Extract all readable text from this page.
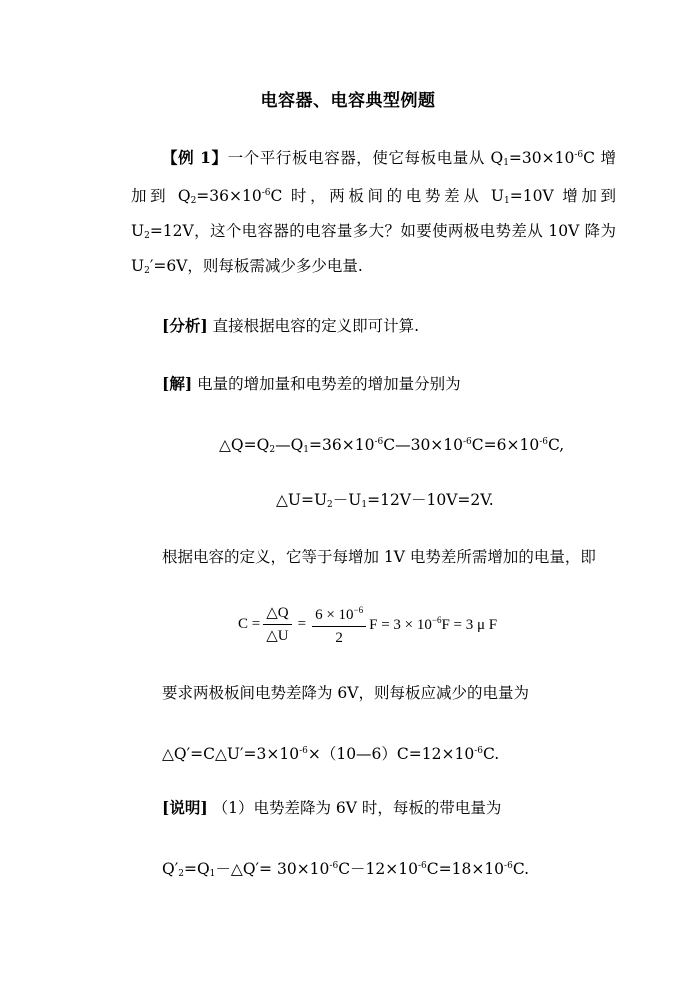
电容器、电容典型例题
【例 1】一个平行板电容器，使它每板电量从 $Q_1=30\times 10^{-6}C$ 增加到 $Q_2=36\times 10^{-6}C$ 时，两板间的电势差从 $U_1=10V$ 增加到 $U_2=12V$，这个电容器的电容量多大？如要使两极电势差从 10V 降为 $U_2'=6V$，则每板需减少多少电量.
[分析] 直接根据电容的定义即可计算.
[解] 电量的增加量和电势差的增加量分别为
$\triangle Q=Q_2—Q_1=36\times 10^{-6}C—30\times 10^{-6}C=6\times 10^{-6}C$,
$\triangle U=U_2-U_1=12V-10V=2V$.
根据电容的定义，它等于每增加 1V 电势差所需增加的电量，即
$C = \frac{\triangle Q}{\triangle U} = \frac{6 \times 10^{-6}}{2}$ $F = 3 \times 10^{-6}F = 3$ μ F
要求两极板间电势差降为 6V，则每板应减少的电量为
$\triangle Q'=C\triangle U'=3\times 10^{-6}\times(10—6)C=12\times 10^{-6}C$.
[说明] （1）电势差降为 6V 时，每板的带电量为
$Q'_2=Q_1-\triangle Q'= 30\times 10^{-6}C-12\times 10^{-6}C=18\times 10^{-6}C$.
